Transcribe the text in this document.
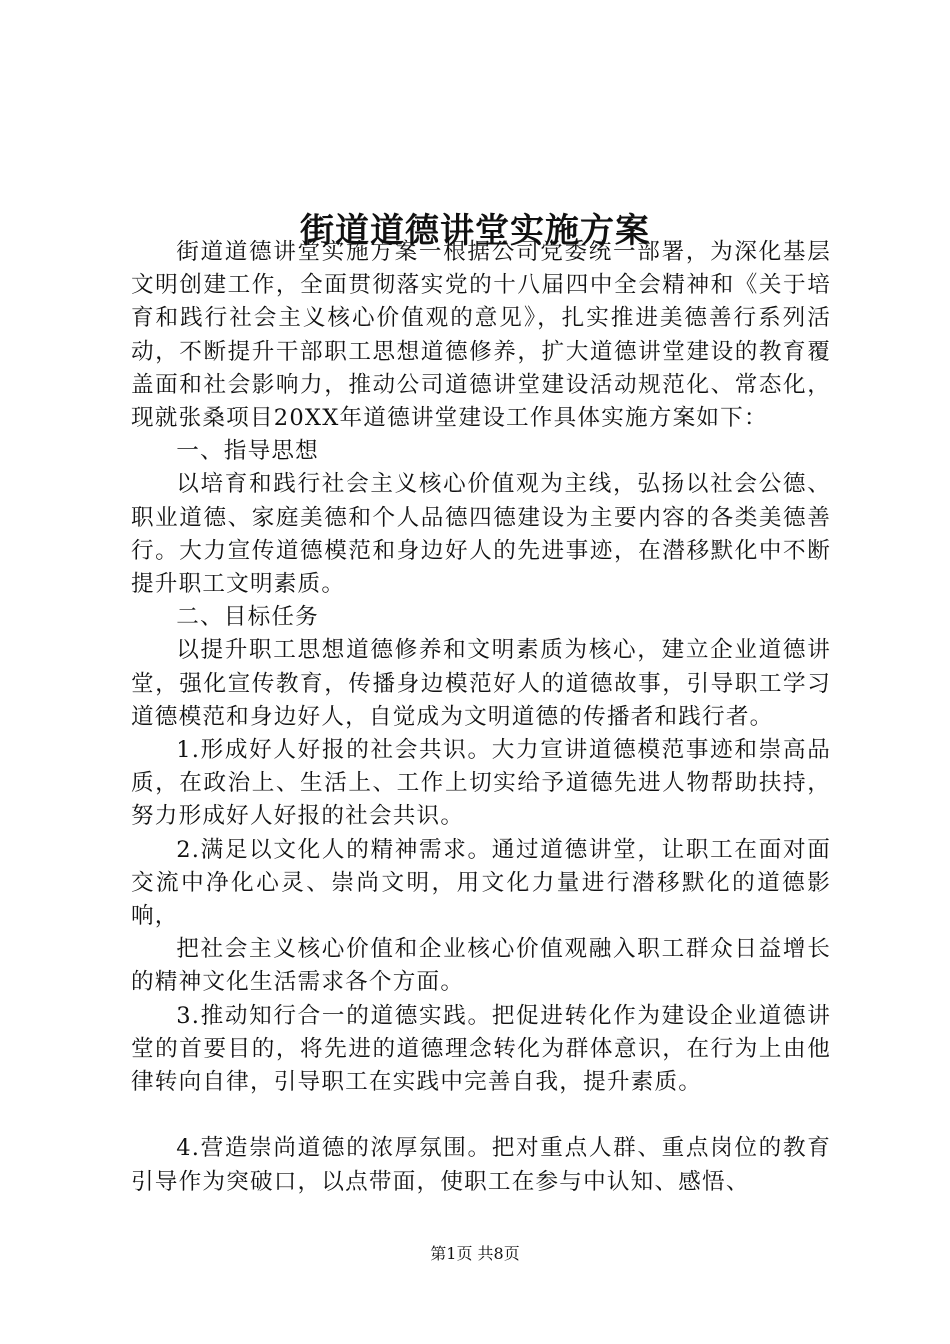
街道道德讲堂实施方案

街道道德讲堂实施方案一根据公司党委统一部署，为深化基层文明创建工作，全面贯彻落实党的十八届四中全会精神和《关于培育和践行社会主义核心价值观的意见》，扎实推进美德善行系列活动，不断提升干部职工思想道德修养，扩大道德讲堂建设的教育覆盖面和社会影响力，推动公司道德讲堂建设活动规范化、常态化，现就张桑项目20XX年道德讲堂建设工作具体实施方案如下：

一、指导思想

以培育和践行社会主义核心价值观为主线，弘扬以社会公德、职业道德、家庭美德和个人品德四德建设为主要内容的各类美德善行。大力宣传道德模范和身边好人的先进事迹，在潜移默化中不断提升职工文明素质。

二、目标任务

以提升职工思想道德修养和文明素质为核心，建立企业道德讲堂，强化宣传教育，传播身边模范好人的道德故事，引导职工学习道德模范和身边好人，自觉成为文明道德的传播者和践行者。

1.形成好人好报的社会共识。大力宣讲道德模范事迹和崇高品质，在政治上、生活上、工作上切实给予道德先进人物帮助扶持，努力形成好人好报的社会共识。

2.满足以文化人的精神需求。通过道德讲堂，让职工在面对面交流中净化心灵、崇尚文明，用文化力量进行潜移默化的道德影响，

把社会主义核心价值和企业核心价值观融入职工群众日益增长的精神文化生活需求各个方面。

3.推动知行合一的道德实践。把促进转化作为建设企业道德讲堂的首要目的，将先进的道德理念转化为群体意识，在行为上由他律转向自律，引导职工在实践中完善自我，提升素质。

4.营造崇尚道德的浓厚氛围。把对重点人群、重点岗位的教育引导作为突破口，以点带面，使职工在参与中认知、感悟、

第1页 共8页
